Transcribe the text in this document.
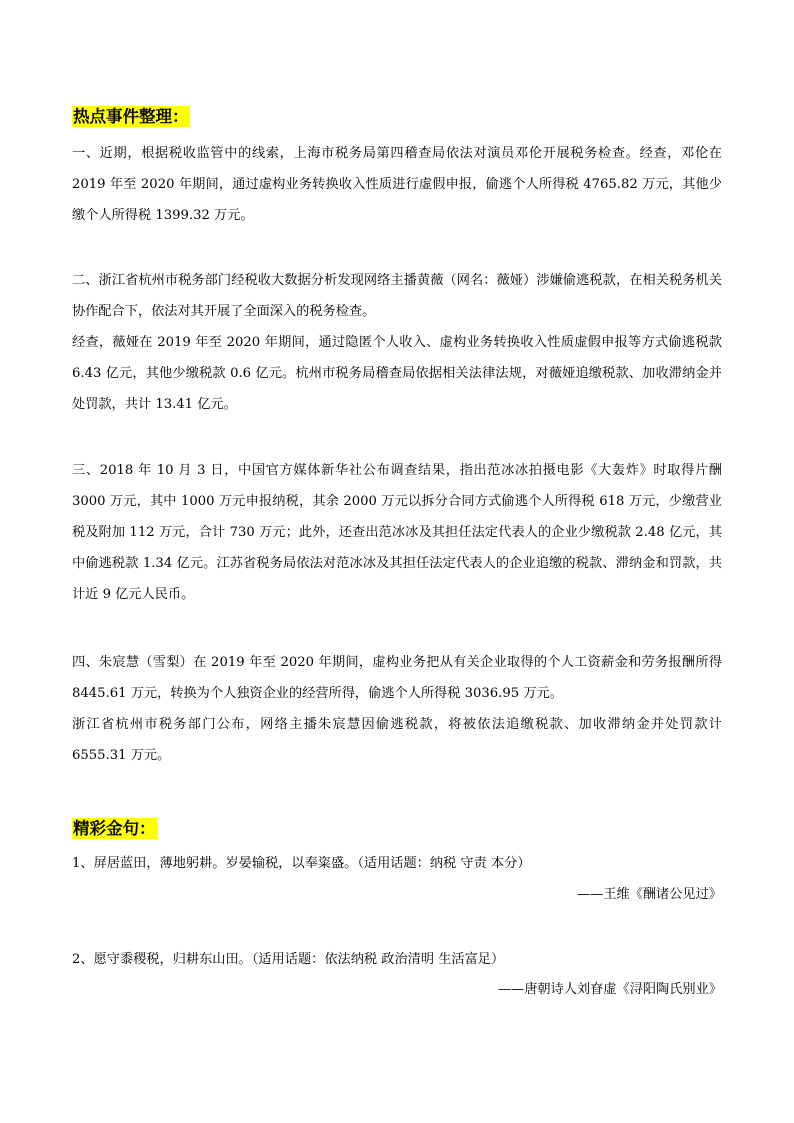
热点事件整理：

一、近期，根据税收监管中的线索，上海市税务局第四稽查局依法对演员邓伦开展税务检查。经查，邓伦在 2019 年至 2020 年期间，通过虚构业务转换收入性质进行虚假申报，偷逃个人所得税 4765.82 万元，其他少缴个人所得税 1399.32 万元。

二、浙江省杭州市税务部门经税收大数据分析发现网络主播黄薇（网名：薇娅）涉嫌偷逃税款，在相关税务机关协作配合下，依法对其开展了全面深入的税务检查。

经查，薇娅在 2019 年至 2020 年期间，通过隐匿个人收入、虚构业务转换收入性质虚假申报等方式偷逃税款 6.43 亿元，其他少缴税款 0.6 亿元。杭州市税务局稽查局依据相关法律法规，对薇娅追缴税款、加收滞纳金并处罚款，共计 13.41 亿元。

三、2018 年 10 月 3 日，中国官方媒体新华社公布调查结果，指出范冰冰拍摄电影《大轰炸》时取得片酬 3000 万元，其中 1000 万元申报纳税，其余 2000 万元以拆分合同方式偷逃个人所得税 618 万元，少缴营业税及附加 112 万元，合计 730 万元；此外，还查出范冰冰及其担任法定代表人的企业少缴税款 2.48 亿元，其中偷逃税款 1.34 亿元。江苏省税务局依法对范冰冰及其担任法定代表人的企业追缴的税款、滞纳金和罚款，共计近 9 亿元人民币。

四、朱宸慧（雪梨）在 2019 年至 2020 年期间，虚构业务把从有关企业取得的个人工资薪金和劳务报酬所得 8445.61 万元，转换为个人独资企业的经营所得，偷逃个人所得税 3036.95 万元。

浙江省杭州市税务部门公布，网络主播朱宸慧因偷逃税款，将被依法追缴税款、加收滞纳金并处罚款计 6555.31 万元。

精彩金句：

1、屏居蓝田，薄地躬耕。岁晏输税，以奉粢盛。（适用话题：纳税 守责 本分）

——王维《酬诸公见过》

2、愿守黍稷税，归耕东山田。（适用话题：依法纳税 政治清明 生活富足）

——唐朝诗人刘眘虚《浔阳陶氏别业》
